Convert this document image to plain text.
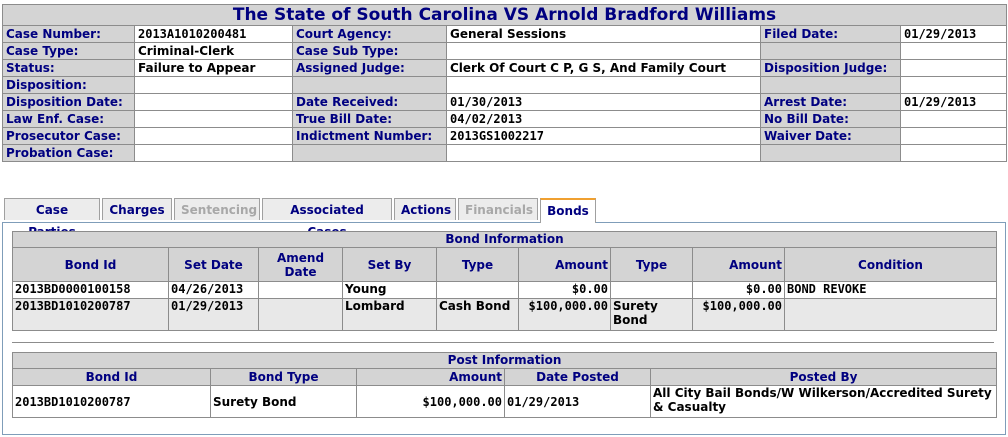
The State of South Carolina VS Arnold Bradford Williams					
Case Number:	2013A1010200481	Court Agency:	General Sessions	Filed Date:	01/29/2013
Case Type:	Criminal-Clerk	Case Sub Type:			
Status:	Failure to Appear	Assigned Judge:	Clerk Of Court C P, G S, And Family Court	Disposition Judge:	
Disposition:					
Disposition Date:		Date Received:	01/30/2013	Arrest Date:	01/29/2013
Law Enf. Case:		True Bill Date:	04/02/2013	No Bill Date:	
Prosecutor Case:		Indictment Number:	2013GS1002217	Waiver Date:	
Probation Case:					
Case	Charges	Sentencing	Associated	Actions	Financials	Bonds
Bond Information								
Bond Id	Set Date	Amend Date	Set By	Type	Amount	Type	Amount	Condition
2013BD0000100158	04/26/2013		Young		$0.00		$0.00	BOND REVOKE
2013BD1010200787	01/29/2013		Lombard	Cash Bond	$100,000.00	Surety Bond	$100,000.00	
Post Information				
Bond Id	Bond Type	Amount	Date Posted	Posted By
2013BD1010200787	Surety Bond	$100,000.00	01/29/2013	All City Bail Bonds/W Wilkerson/Accredited Surety & Casualty
